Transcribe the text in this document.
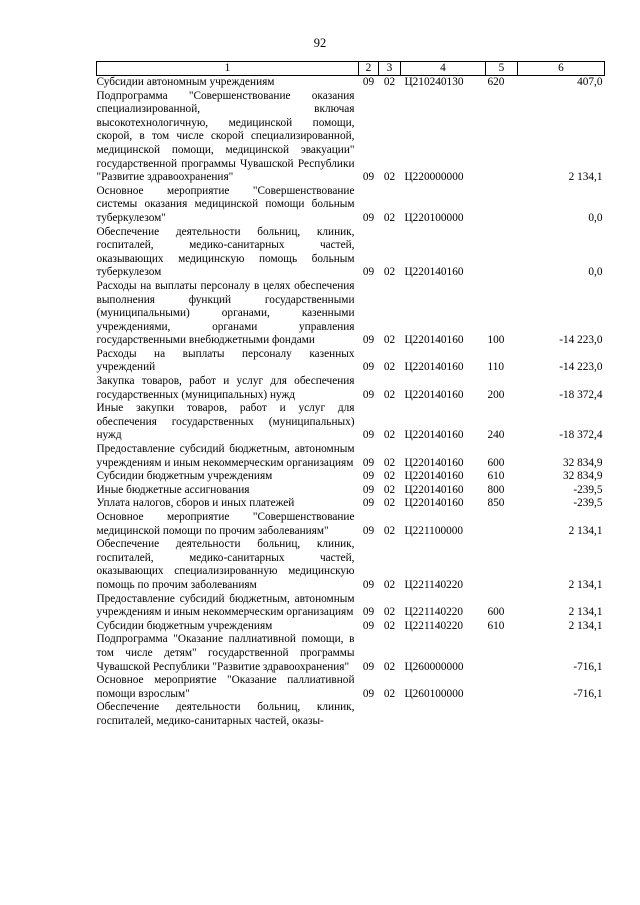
92
1	2	3	4	5	6
Субсидии автономным учреждениям	09	02	Ц210240130	620	407,0
Подпрограмма "Совершенствование оказания специализированной, включая высокотехнологичную, медицинской помощи, скорой, в том числе скорой специализированной, медицинской помощи, медицинской эвакуации" государственной программы Чувашской Республики "Развитие здравоохранения"	09	02	Ц220000000		2 134,1
Основное мероприятие "Совершенствование системы оказания медицинской помощи больным туберкулезом"	09	02	Ц220100000		0,0
Обеспечение деятельности больниц, клиник, госпиталей, медико-санитарных частей, оказывающих медицинскую помощь больным туберкулезом	09	02	Ц220140160		0,0
Расходы на выплаты персоналу в целях обеспечения выполнения функций государственными (муниципальными) органами, казенными учреждениями, органами управления государственными внебюджетными фондами	09	02	Ц220140160	100	-14 223,0
Расходы на выплаты персоналу казенных учреждений	09	02	Ц220140160	110	-14 223,0
Закупка товаров, работ и услуг для обеспечения государственных (муниципальных) нужд	09	02	Ц220140160	200	-18 372,4
Иные закупки товаров, работ и услуг для обеспечения государственных (муниципальных) нужд	09	02	Ц220140160	240	-18 372,4
Предоставление субсидий бюджетным, автономным учреждениям и иным некоммерческим организациям	09	02	Ц220140160	600	32 834,9
Субсидии бюджетным учреждениям	09	02	Ц220140160	610	32 834,9
Иные бюджетные ассигнования	09	02	Ц220140160	800	-239,5
Уплата налогов, сборов и иных платежей	09	02	Ц220140160	850	-239,5
Основное мероприятие "Совершенствование медицинской помощи по прочим заболеваниям"	09	02	Ц221100000		2 134,1
Обеспечение деятельности больниц, клиник, госпиталей, медико-санитарных частей, оказывающих специализированную медицинскую помощь по прочим заболеваниям	09	02	Ц221140220		2 134,1
Предоставление субсидий бюджетным, автономным учреждениям и иным некоммерческим организациям	09	02	Ц221140220	600	2 134,1
Субсидии бюджетным учреждениям	09	02	Ц221140220	610	2 134,1
Подпрограмма "Оказание паллиативной помощи, в том числе детям" государственной программы Чувашской Республики "Развитие здравоохранения"	09	02	Ц260000000		-716,1
Основное мероприятие "Оказание паллиативной помощи взрослым"	09	02	Ц260100000		-716,1
Обеспечение деятельности больниц, клиник, госпиталей, медико-санитарных частей, оказы-					
